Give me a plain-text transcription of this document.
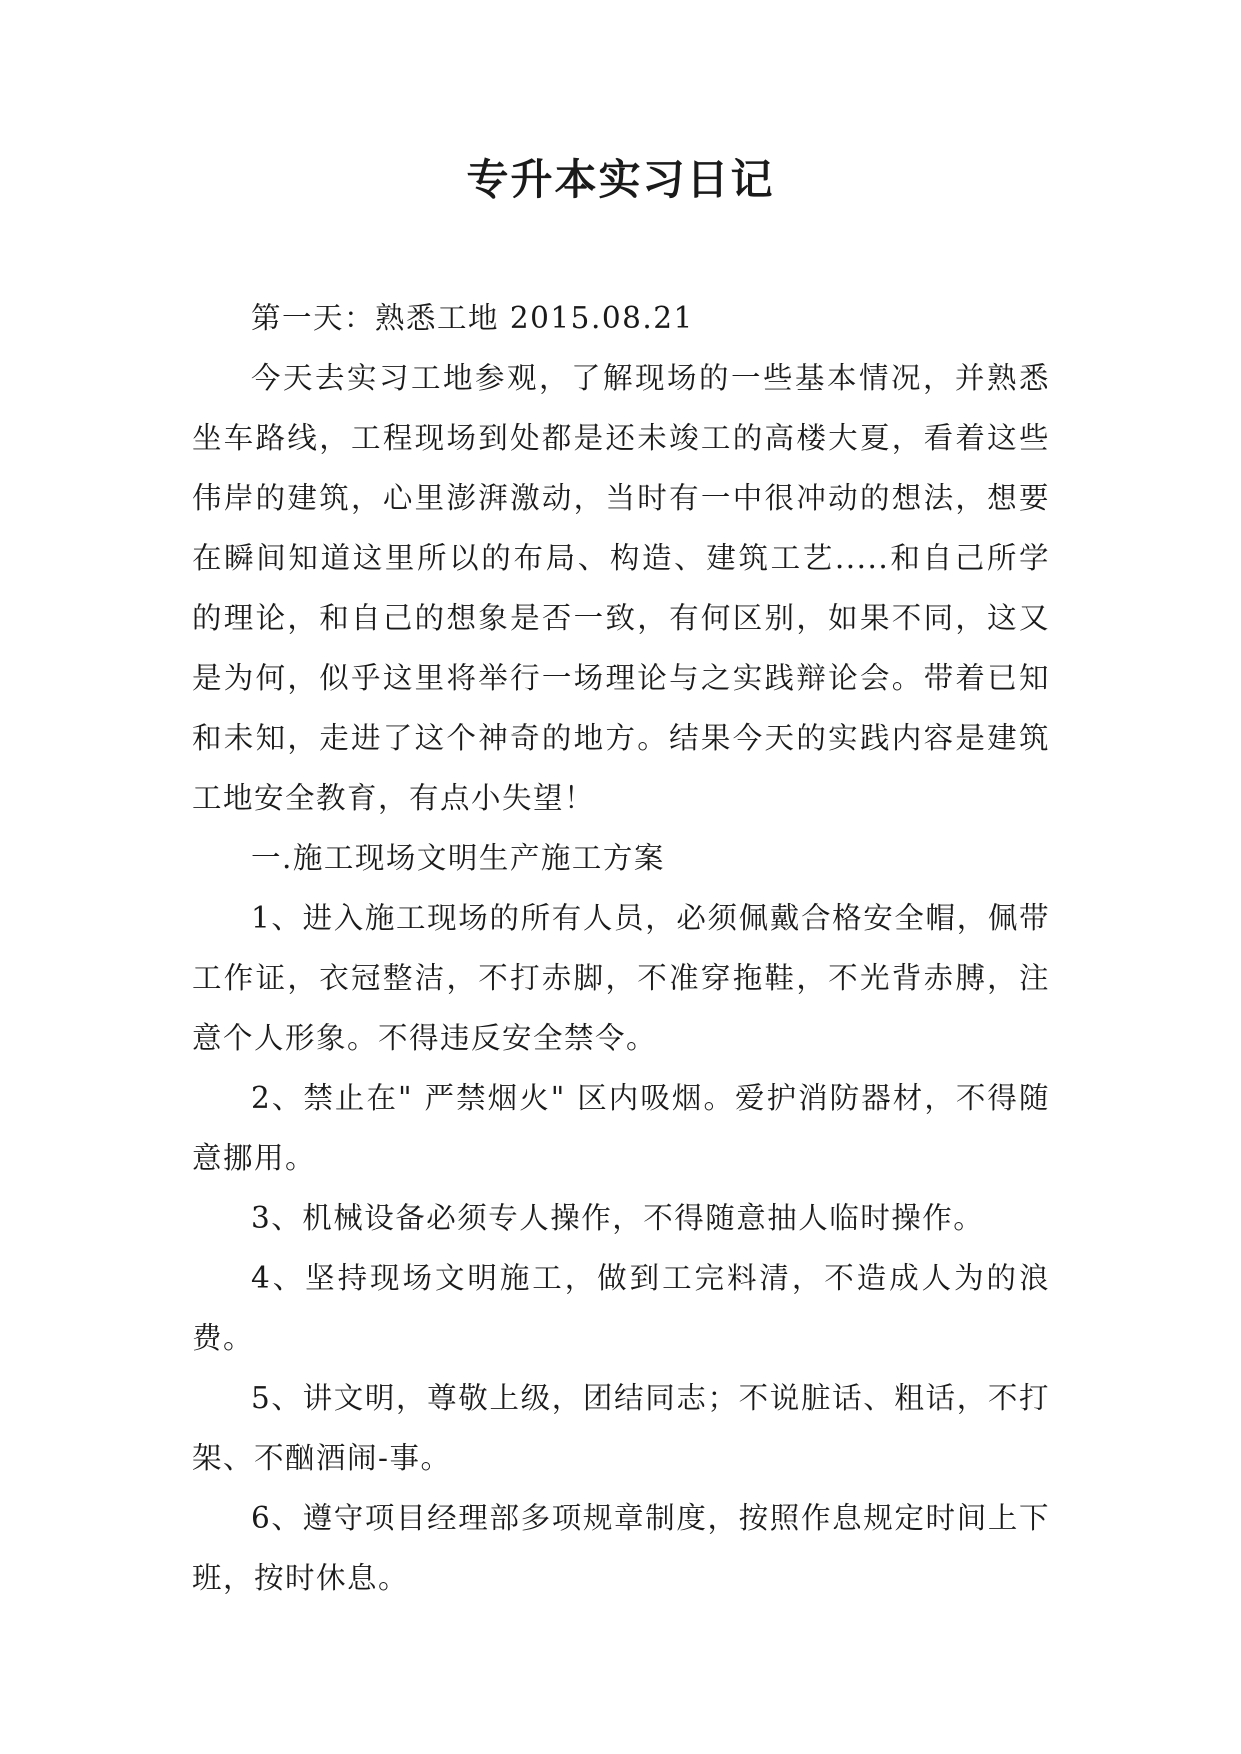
专升本实习日记

第一天：熟悉工地 2015.08.21

今天去实习工地参观，了解现场的一些基本情况，并熟悉坐车路线，工程现场到处都是还未竣工的高楼大夏，看着这些伟岸的建筑，心里澎湃激动，当时有一中很冲动的想法，想要在瞬间知道这里所以的布局、构造、建筑工艺.....和自己所学的理论，和自己的想象是否一致，有何区别，如果不同，这又是为何，似乎这里将举行一场理论与之实践辩论会。带着已知和未知，走进了这个神奇的地方。结果今天的实践内容是建筑工地安全教育，有点小失望！

一.施工现场文明生产施工方案

1、进入施工现场的所有人员，必须佩戴合格安全帽，佩带工作证，衣冠整洁，不打赤脚，不准穿拖鞋，不光背赤膊，注意个人形象。不得违反安全禁令。

2、禁止在" 严禁烟火" 区内吸烟。爱护消防器材，不得随意挪用。

3、机械设备必须专人操作，不得随意抽人临时操作。

4、坚持现场文明施工，做到工完料清，不造成人为的浪费。

5、讲文明，尊敬上级，团结同志；不说脏话、粗话，不打架、不酗酒闹-事。

6、遵守项目经理部多项规章制度，按照作息规定时间上下班，按时休息。
